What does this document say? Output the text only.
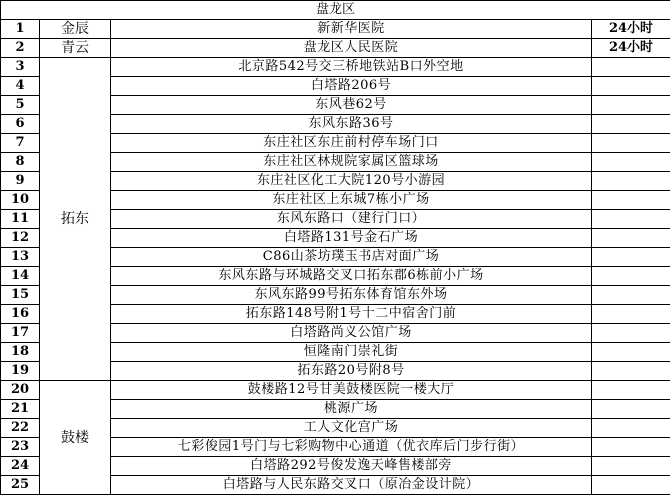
盘龙区			
1	金辰	新新华医院	24小时
2	青云	盘龙区人民医院	24小时
3	拓东	北京路542号交三桥地铁站B口外空地	
4		白塔路206号	
5		东风巷62号	
6		东风东路36号	
7		东庄社区东庄前村停车场门口	
8		东庄社区林规院家属区篮球场	
9		东庄社区化工大院120号小游园	
10		东庄社区上东城7栋小广场	
11		东风东路口（建行门口）	
12		白塔路131号金石广场	
13		C86山茶坊璞玉书店对面广场	
14		东风东路与环城路交叉口拓东郡6栋前小广场	
15		东风东路99号拓东体育馆东外场	
16		拓东路148号附1号十二中宿舍门前	
17		白塔路尚义公馆广场	
18		恒隆南门崇礼街	
19		拓东路20号附8号	
20	鼓楼	鼓楼路12号甘美鼓楼医院一楼大厅	
21		桃源广场	
22		工人文化宫广场	
23		七彩俊园1号门与七彩购物中心通道（优衣库后门步行街）	
24		白塔路292号俊发逸天峰售楼部旁	
25		白塔路与人民东路交叉口（原冶金设计院）	
